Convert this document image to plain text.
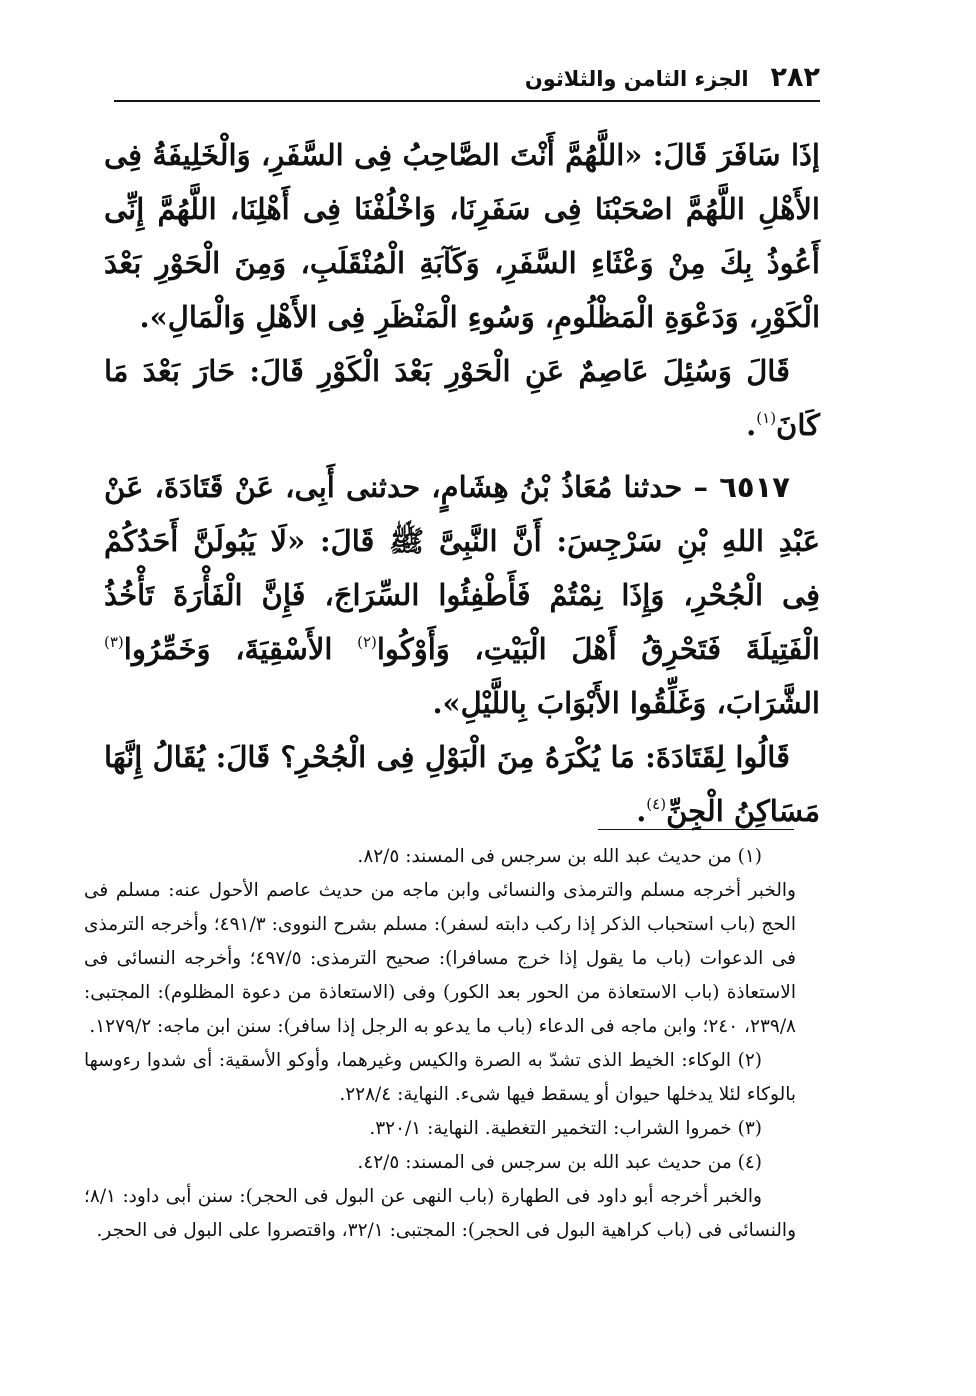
٢٨٢
الجزء الثامن والثلاثون

إذَا سَافَرَ قَالَ: «اللَّهُمَّ أَنْتَ الصَّاحِبُ فِى السَّفَرِ، وَالْخَلِيفَةُ فِى الأَهْلِ اللَّهُمَّ اصْحَبْنَا فِى سَفَرِنَا، وَاخْلُفْنَا فِى أَهْلِنَا، اللَّهُمَّ إِنِّى أَعُوذُ بِكَ مِنْ وَعْثَاءِ السَّفَرِ، وَكَآبَةِ الْمُنْقَلَبِ، وَمِنَ الْحَوْرِ بَعْدَ الْكَوْرِ، وَدَعْوَةِ الْمَظْلُومِ، وَسُوءِ الْمَنْظَرِ فِى الأَهْلِ وَالْمَالِ».

قَالَ وَسُئِلَ عَاصِمٌ عَنِ الْحَوْرِ بَعْدَ الْكَوْرِ قَالَ: حَارَ بَعْدَ مَا كَانَ$^{(١)}$.

٦٥١٧ – حدثنا مُعَاذُ بْنُ هِشَامٍ، حدثنى أَبِى، عَنْ قَتَادَةَ، عَنْ عَبْدِ اللهِ بْنِ سَرْجِسَ: أَنَّ النَّبِىَّ ﷺ قَالَ: «لَا يَبُولَنَّ أَحَدُكُمْ فِى الْجُحْرِ، وَإِذَا نِمْتُمْ فَأَطْفِئُوا السِّرَاجَ، فَإِنَّ الْفَأْرَةَ تَأْخُذُ الْفَتِيلَةَ فَتَحْرِقُ أَهْلَ الْبَيْتِ، وَأَوْكُوا$^{(٢)}$ الأَسْقِيَةَ، وَخَمِّرُوا$^{(٣)}$ الشَّرَابَ، وَغَلِّقُوا الأَبْوَابَ بِاللَّيْلِ».

قَالُوا لِقَتَادَةَ: مَا يُكْرَهُ مِنَ الْبَوْلِ فِى الْجُحْرِ؟ قَالَ: يُقَالُ إِنَّهَا مَسَاكِنُ الْجِنِّ$^{(٤)}$.

(١) من حديث عبد الله بن سرجس فى المسند: ٨٢/٥.

والخبر أخرجه مسلم والترمذى والنسائى وابن ماجه من حديث عاصم الأحول عنه: مسلم فى الحج (باب استحباب الذكر إذا ركب دابته لسفر): مسلم بشرح النووى: ٤٩١/٣؛ وأخرجه الترمذى فى الدعوات (باب ما يقول إذا خرج مسافرا): صحيح الترمذى: ٤٩٧/٥؛ وأخرجه النسائى فى الاستعاذة (باب الاستعاذة من الحور بعد الكور) وفى (الاستعاذة من دعوة المظلوم): المجتبى: ٢٣٩/٨، ٢٤٠؛ وابن ماجه فى الدعاء (باب ما يدعو به الرجل إذا سافر): سنن ابن ماجه: ١٢٧٩/٢.

(٢) الوكاء: الخيط الذى تشدّ به الصرة والكيس وغيرهما، وأوكو الأسقية: أى شدوا رءوسها بالوكاء لئلا يدخلها حيوان أو يسقط فيها شىء. النهاية: ٢٢٨/٤.

(٣) خمروا الشراب: التخمير التغطية. النهاية: ٣٢٠/١.

(٤) من حديث عبد الله بن سرجس فى المسند: ٤٢/٥.

والخبر أخرجه أبو داود فى الطهارة (باب النهى عن البول فى الحجر): سنن أبى داود: ٨/١؛ والنسائى فى (باب كراهية البول فى الحجر): المجتبى: ٣٢/١، واقتصروا على البول فى الحجر.
